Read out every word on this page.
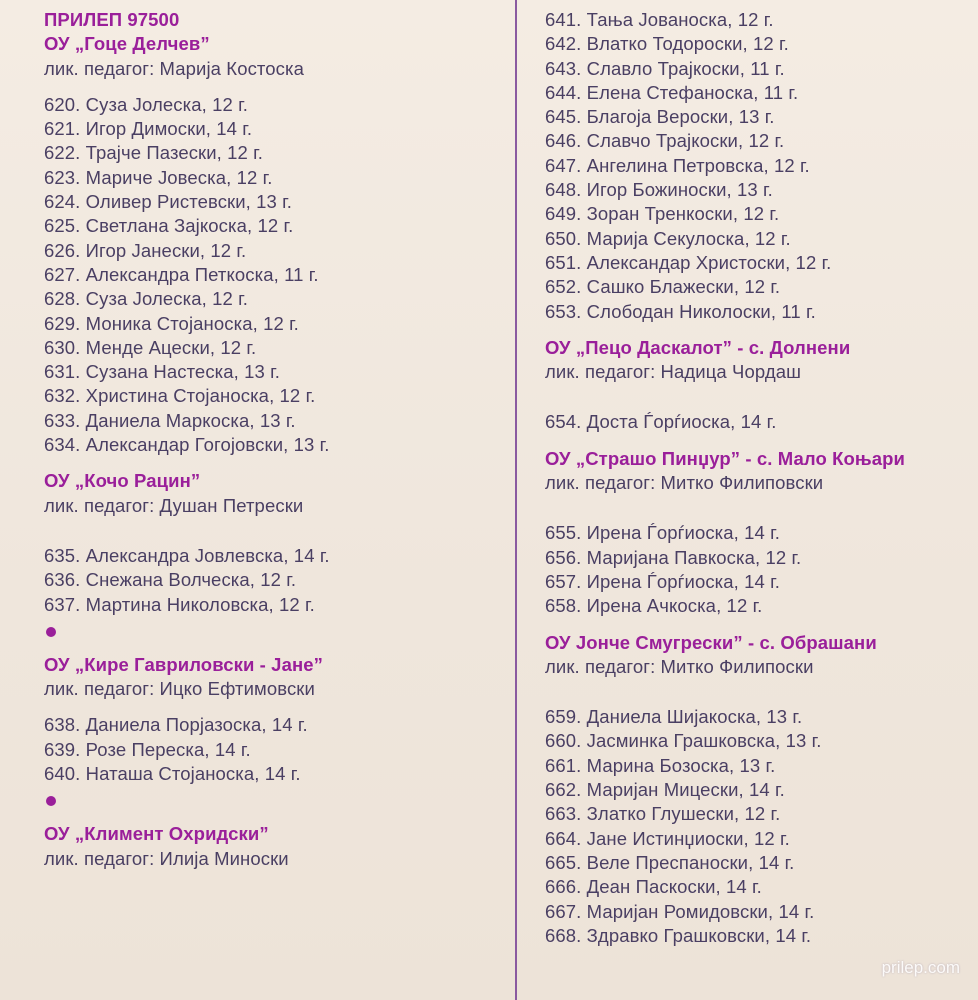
ПРИЛЕП 97500
ОУ „Гоце Делчев”
лик. педагог: Марија Костоска
620. Суза Јолеска, 12 г.
621. Игор Димоски, 14 г.
622. Трајче Пазески, 12 г.
623. Мариче Јовеска, 12 г.
624. Оливер Ристевски, 13 г.
625. Светлана Зајкоска, 12 г.
626. Игор Јанески, 12 г.
627. Александра Петкоска, 11 г.
628. Суза Јолеска, 12 г.
629. Моника Стојаноска, 12 г.
630. Менде Ацески, 12 г.
631. Сузана Настеска, 13 г.
632. Христина Стојаноска, 12 г.
633. Даниела Маркоска, 13 г.
634. Александар Гогојовски, 13 г.
ОУ „Кочо Рацин”
лик. педагог: Душан Петрески
635. Александра Јовлевска, 14 г.
636. Снежана Волческа, 12 г.
637. Мартина Николовска, 12 г.
ОУ „Кире Гавриловски - Јане”
лик. педагог: Ицко Ефтимовски
638. Даниела Порјазоска, 14 г.
639. Розе Переска, 14 г.
640. Наташа Стојаноска, 14 г.
ОУ „Климент Охридски”
лик. педагог: Илија Миноски
641. Тања Јованоска, 12 г.
642. Влатко Тодороски, 12 г.
643. Славло Трајкоски, 11 г.
644. Елена Стефаноска, 11 г.
645. Благоја Вероски, 13 г.
646. Славчо Трајкоски, 12 г.
647. Ангелина Петровска, 12 г.
648. Игор Божиноски, 13 г.
649. Зоран Тренкоски, 12 г.
650. Марија Секулоска, 12 г.
651. Александар Христоски, 12 г.
652. Сашко Блажески, 12 г.
653. Слободан Николоски, 11 г.
ОУ „Пецо Даскалот” - с. Долнени
лик. педагог: Надица Чордаш
654. Доста Ѓорѓиоска, 14 г.
ОУ „Страшо Пинџур” - с. Мало Коњари
лик. педагог: Митко Филиповски
655. Ирена Ѓорѓиоска, 14 г.
656. Маријана Павкоска, 12 г.
657. Ирена Ѓорѓиоска, 14 г.
658. Ирена Ачкоска, 12 г.
ОУ Јонче Смугрески” - с. Обрашани
лик. педагог: Митко Филипоски
659. Даниела Шијакоска, 13 г.
660. Јасминка Грашковска, 13 г.
661. Марина Бозоска, 13 г.
662. Маријан Мицески, 14 г.
663. Златко Глушески, 12 г.
664. Јане Истинџиоски, 12 г.
665. Веле Преспаноски, 14 г.
666. Деан Паскоски, 14 г.
667. Маријан Ромидовски, 14 г.
668. Здравко Грашковски, 14 г.
prilep.com
